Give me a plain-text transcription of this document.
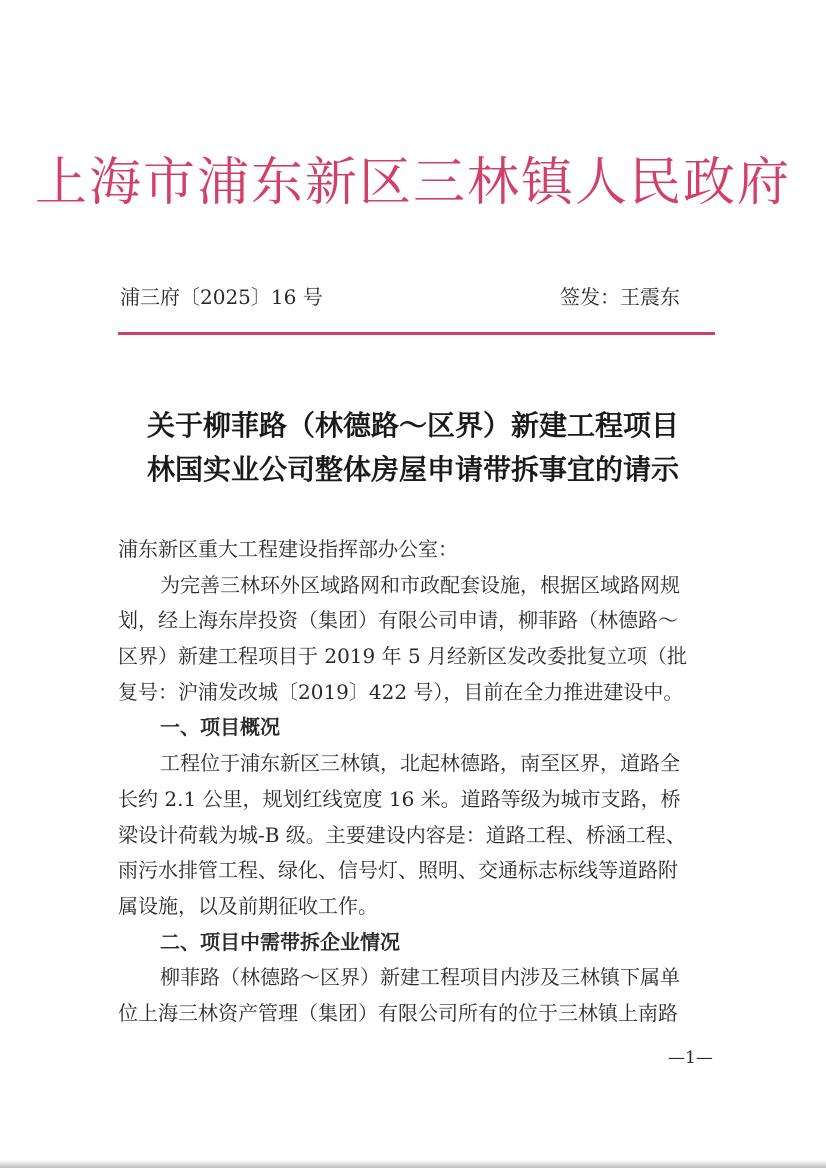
上海市浦东新区三林镇人民政府
浦三府〔2025〕16 号	签发：王震东
关于柳菲路（林德路～区界）新建工程项目
林国实业公司整体房屋申请带拆事宜的请示
浦东新区重大工程建设指挥部办公室：
为完善三林环外区域路网和市政配套设施，根据区域路网规
划，经上海东岸投资（集团）有限公司申请，柳菲路（林德路～
区界）新建工程项目于 2019 年 5 月经新区发改委批复立项（批
复号：沪浦发改城〔2019〕422 号），目前在全力推进建设中。
一、项目概况
工程位于浦东新区三林镇，北起林德路，南至区界，道路全
长约 2.1 公里，规划红线宽度 16 米。道路等级为城市支路，桥
梁设计荷载为城-B 级。主要建设内容是：道路工程、桥涵工程、
雨污水排管工程、绿化、信号灯、照明、交通标志标线等道路附
属设施，以及前期征收工作。
二、项目中需带拆企业情况
柳菲路（林德路～区界）新建工程项目内涉及三林镇下属单
位上海三林资产管理（集团）有限公司所有的位于三林镇上南路
—1—
